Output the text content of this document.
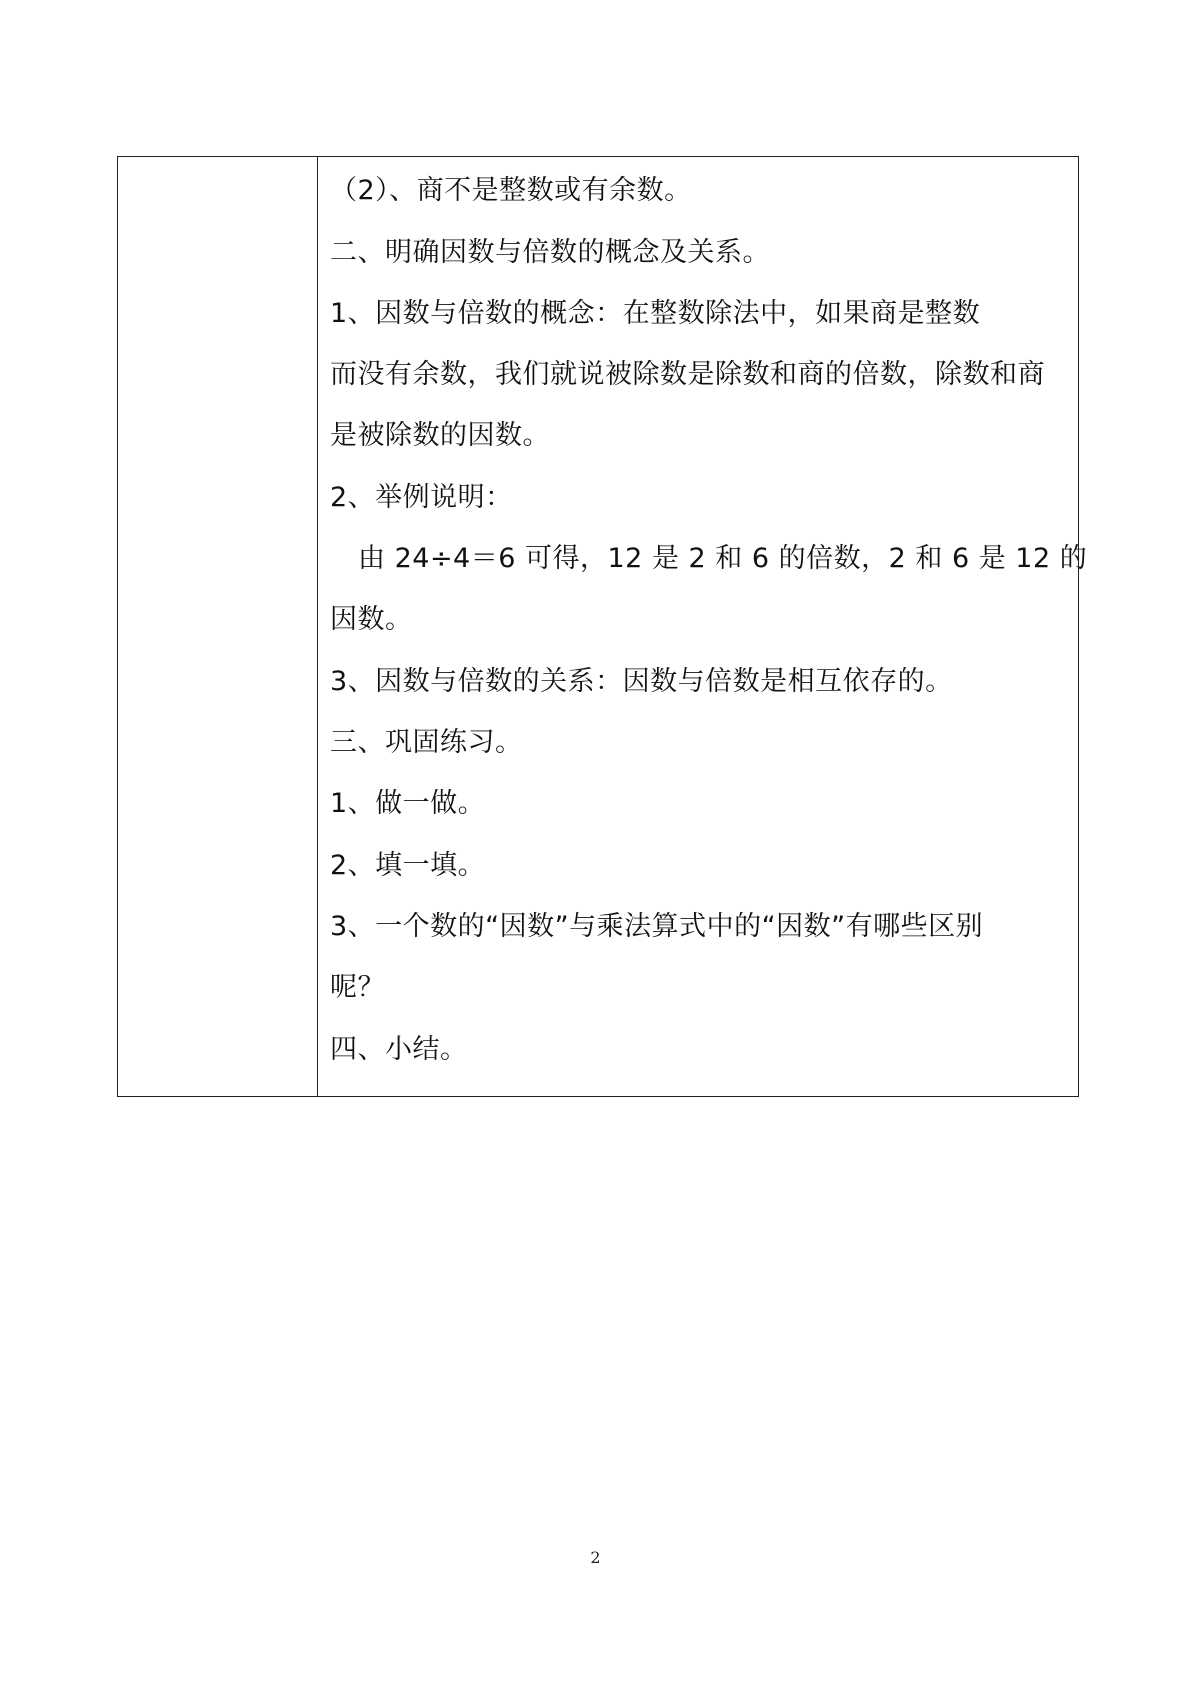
（2）、商不是整数或有余数。
二、明确因数与倍数的概念及关系。
1、因数与倍数的概念：在整数除法中，如果商是整数
而没有余数，我们就说被除数是除数和商的倍数，除数和商
是被除数的因数。
2、举例说明：
由 24÷4＝6 可得，12 是 2 和 6 的倍数，2 和 6 是 12 的
因数。
3、因数与倍数的关系：因数与倍数是相互依存的。
三、巩固练习。
1、做一做。
2、填一填。
3、一个数的“因数”与乘法算式中的“因数”有哪些区别
呢？
四、小结。
2
